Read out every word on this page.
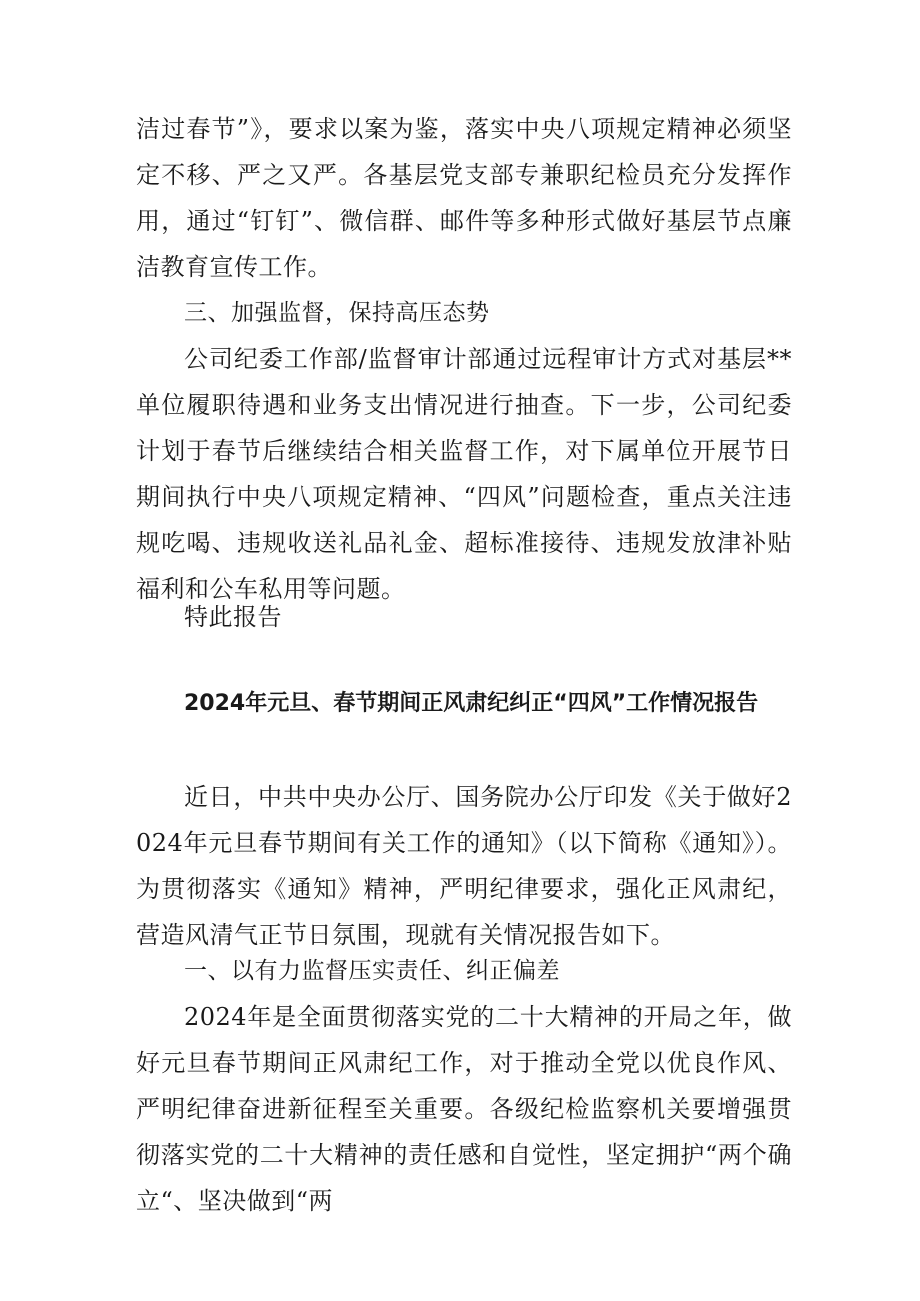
洁过春节”》，要求以案为鉴，落实中央八项规定精神必须坚定不移、严之又严。各基层党支部专兼职纪检员充分发挥作用，通过“钉钉”、微信群、邮件等多种形式做好基层节点廉洁教育宣传工作。

三、加强监督，保持高压态势

公司纪委工作部/监督审计部通过远程审计方式对基层**单位履职待遇和业务支出情况进行抽查。下一步，公司纪委计划于春节后继续结合相关监督工作，对下属单位开展节日期间执行中央八项规定精神、“四风”问题检查，重点关注违规吃喝、违规收送礼品礼金、超标准接待、违规发放津补贴福利和公车私用等问题。

特此报告

2024年元旦、春节期间正风肃纪纠正“四风”工作情况报告

近日，中共中央办公厅、国务院办公厅印发《关于做好2024年元旦春节期间有关工作的通知》（以下简称《通知》）。为贯彻落实《通知》精神，严明纪律要求，强化正风肃纪，营造风清气正节日氛围，现就有关情况报告如下。

一、以有力监督压实责任、纠正偏差

2024年是全面贯彻落实党的二十大精神的开局之年，做好元旦春节期间正风肃纪工作，对于推动全党以优良作风、严明纪律奋进新征程至关重要。各级纪检监察机关要增强贯彻落实党的二十大精神的责任感和自觉性，坚定拥护“两个确立“、坚决做到“两
